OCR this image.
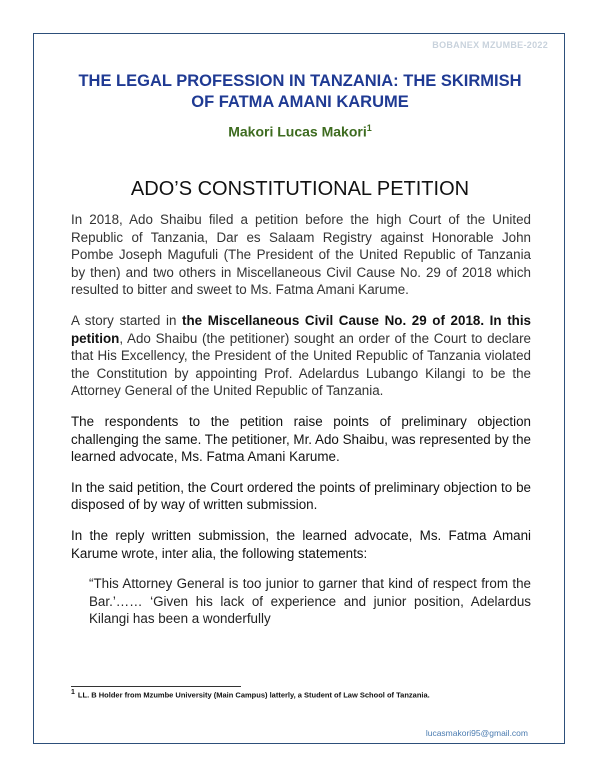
BOBANEX MZUMBE-2022
THE LEGAL PROFESSION IN TANZANIA: THE SKIRMISH
OF FATMA AMANI KARUME
Makori Lucas Makori$^1$
ADO’S CONSTITUTIONAL PETITION

In 2018, Ado Shaibu filed a petition before the high Court of the United Republic of Tanzania, Dar es Salaam Registry against Honorable John Pombe Joseph Magufuli (The President of the United Republic of Tanzania by then) and two others in Miscellaneous Civil Cause No. 29 of 2018 which resulted to bitter and sweet to Ms. Fatma Amani Karume.

A story started in the Miscellaneous Civil Cause No. 29 of 2018. In this petition, Ado Shaibu (the petitioner) sought an order of the Court to declare that His Excellency, the President of the United Republic of Tanzania violated the Constitution by appointing Prof. Adelardus Lubango Kilangi to be the Attorney General of the United Republic of Tanzania.

The respondents to the petition raise points of preliminary objection challenging the same. The petitioner, Mr. Ado Shaibu, was represented by the learned advocate, Ms. Fatma Amani Karume.

In the said petition, the Court ordered the points of preliminary objection to be disposed of by way of written submission.

In the reply written submission, the learned advocate, Ms. Fatma Amani Karume wrote, inter alia, the following statements:

“This Attorney General is too junior to garner that kind of respect from the Bar.’…… ‘Given his lack of experience and junior position, Adelardus Kilangi has been a wonderfully

$^1$ LL. B Holder from Mzumbe University (Main Campus) latterly, a Student of Law School of Tanzania.
lucasmakori95@gmail.com
